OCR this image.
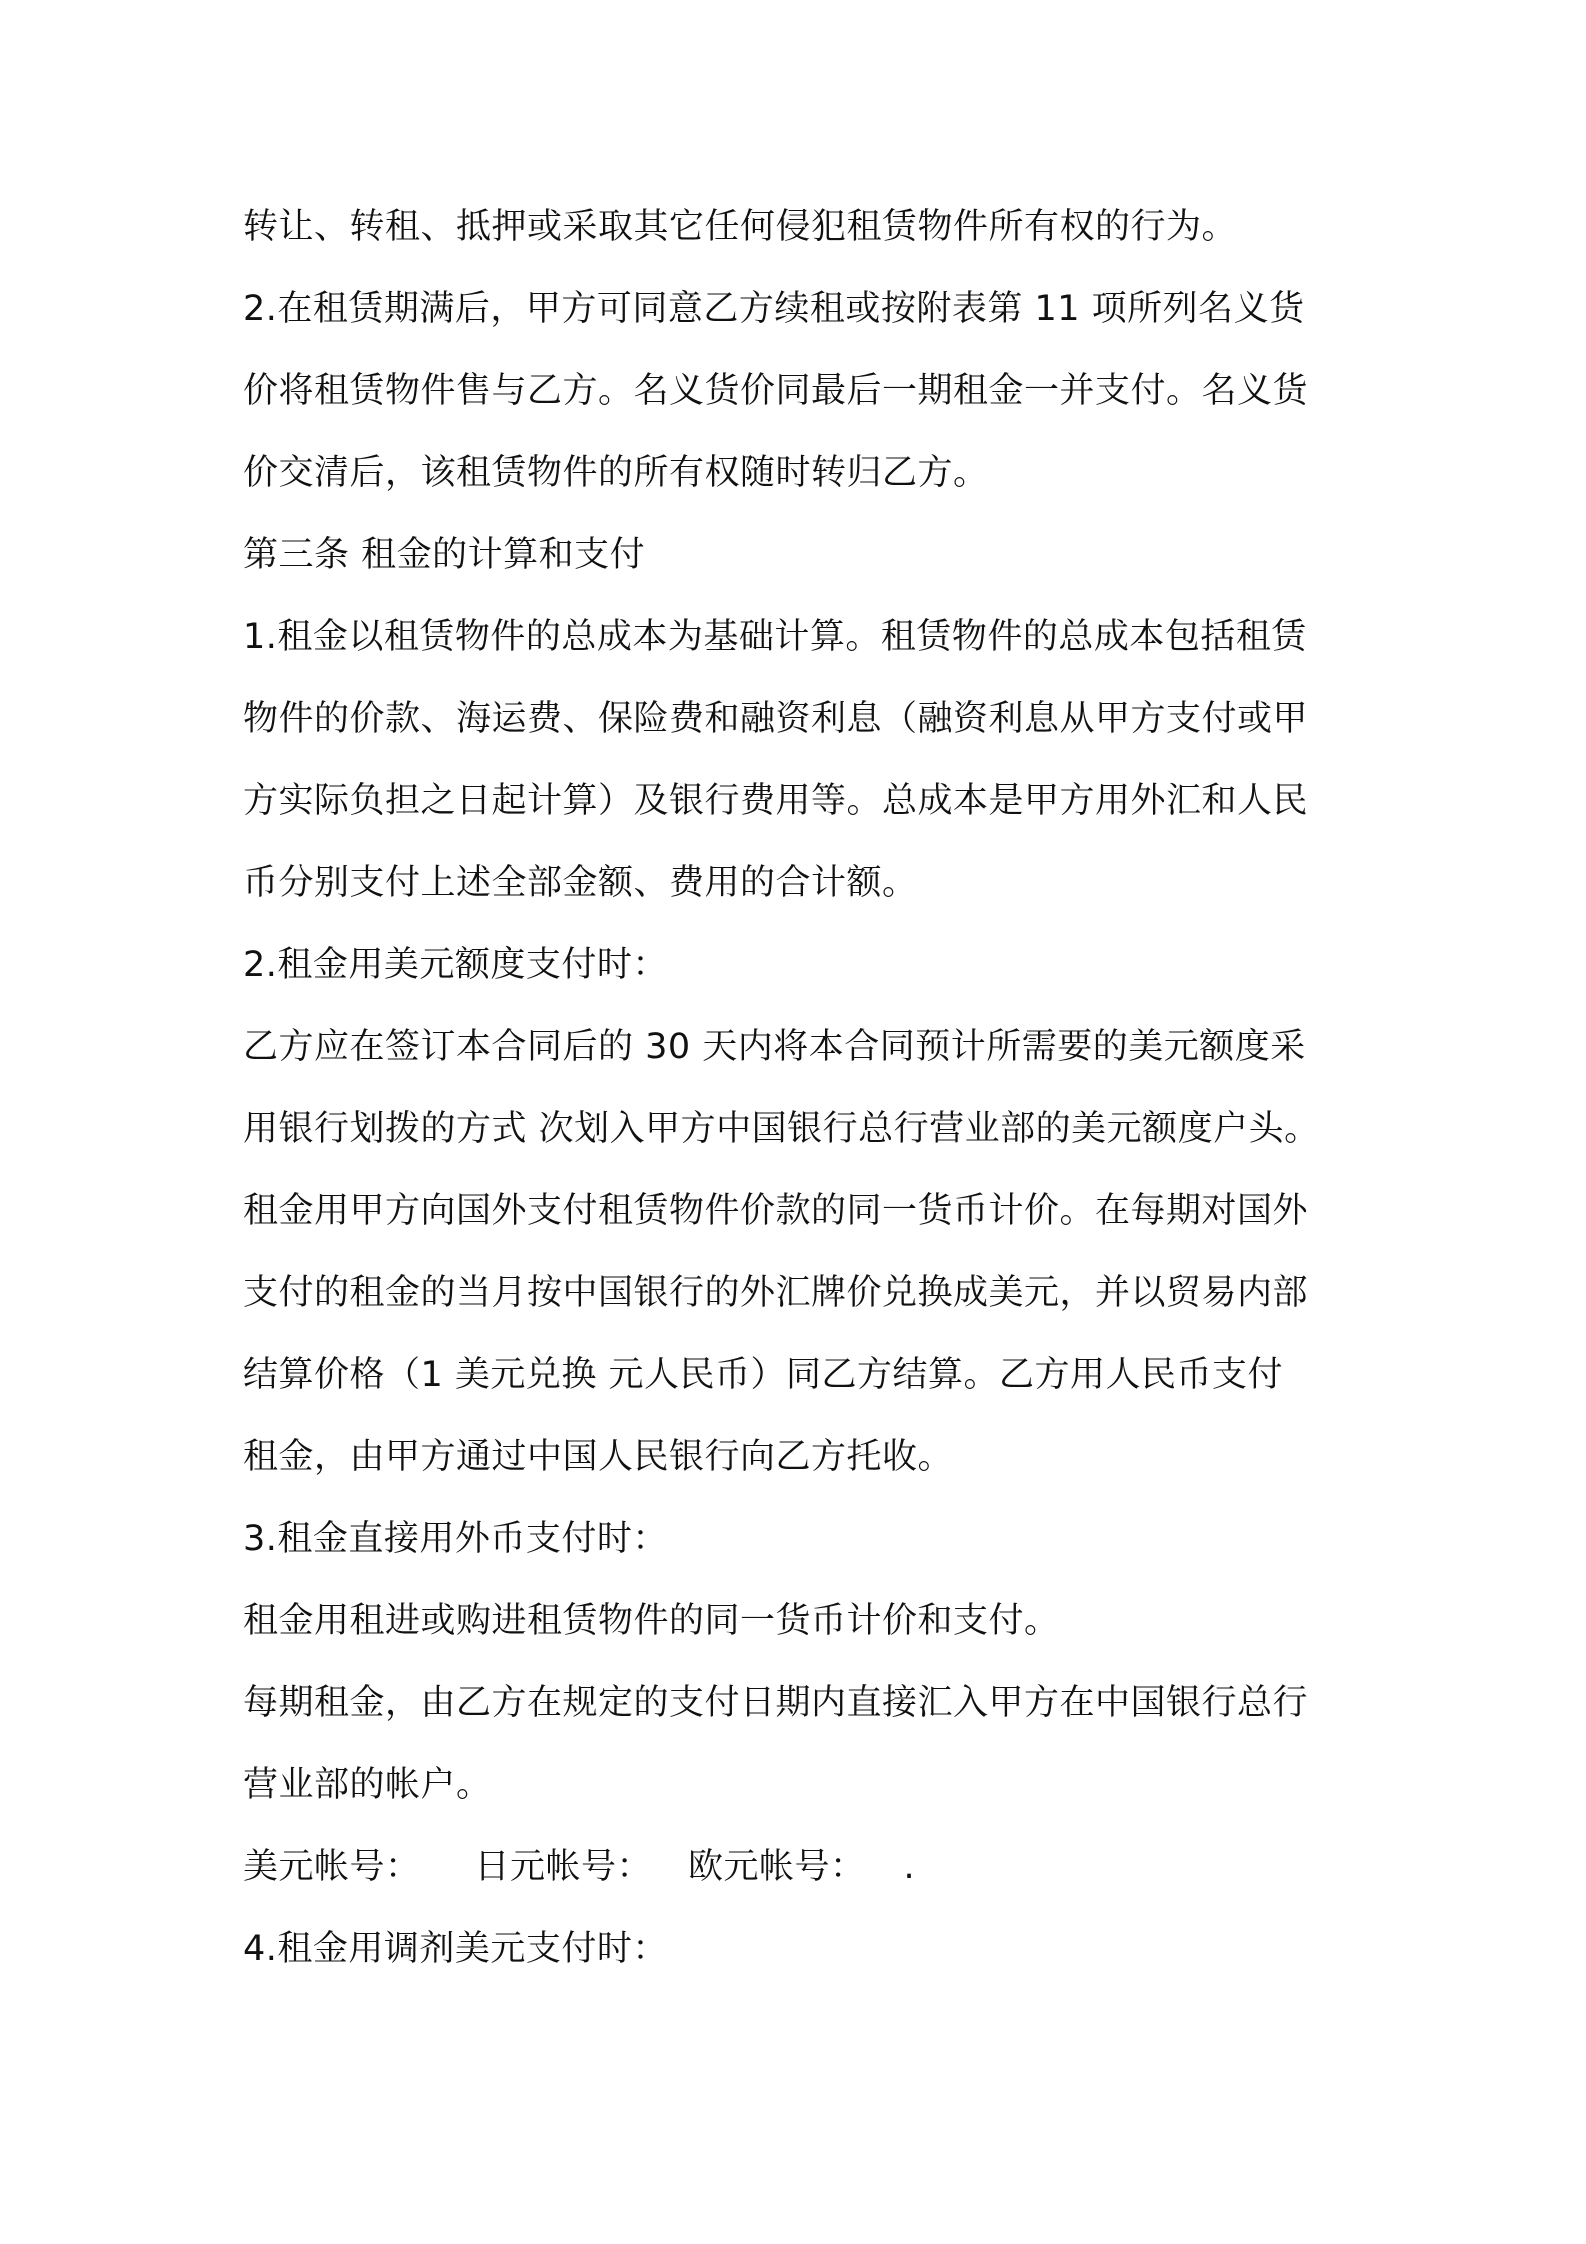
转让、转租、抵押或采取其它任何侵犯租赁物件所有权的行为。
2.在租赁期满后，甲方可同意乙方续租或按附表第 11 项所列名义货
价将租赁物件售与乙方。名义货价同最后一期租金一并支付。名义货
价交清后，该租赁物件的所有权随时转归乙方。
第三条 租金的计算和支付
1.租金以租赁物件的总成本为基础计算。租赁物件的总成本包括租赁
物件的价款、海运费、保险费和融资利息（融资利息从甲方支付或甲
方实际负担之日起计算）及银行费用等。总成本是甲方用外汇和人民
币分别支付上述全部金额、费用的合计额。
2.租金用美元额度支付时：
乙方应在签订本合同后的 30 天内将本合同预计所需要的美元额度采
用银行划拨的方式 次划入甲方中国银行总行营业部的美元额度户头。
租金用甲方向国外支付租赁物件价款的同一货币计价。在每期对国外
支付的租金的当月按中国银行的外汇牌价兑换成美元，并以贸易内部
结算价格（1 美元兑换 元人民币）同乙方结算。乙方用人民币支付
租金，由甲方通过中国人民银行向乙方托收。
3.租金直接用外币支付时：
租金用租进或购进租赁物件的同一货币计价和支付。
每期租金，由乙方在规定的支付日期内直接汇入甲方在中国银行总行
营业部的帐户。
美元帐号： 日元帐号： 欧元帐号： .
4.租金用调剂美元支付时：
